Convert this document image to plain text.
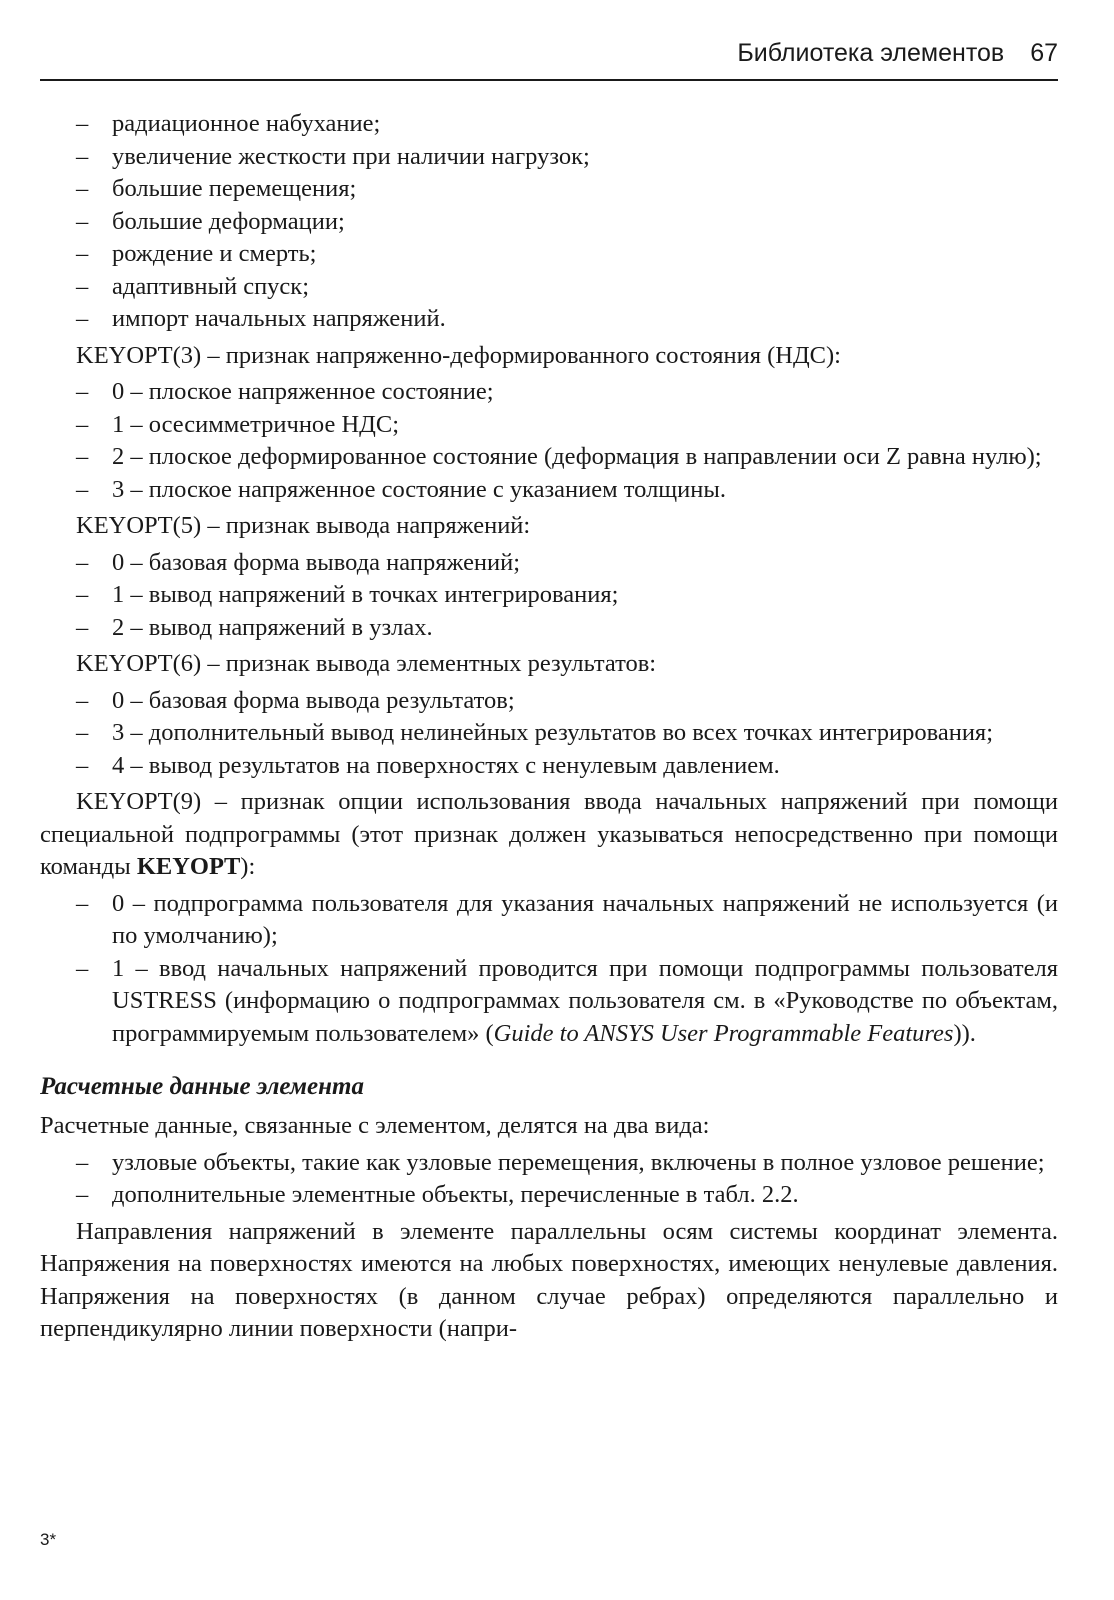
Библиотека элементов 67
– радиационное набухание;
– увеличение жесткости при наличии нагрузок;
– большие перемещения;
– большие деформации;
– рождение и смерть;
– адаптивный спуск;
– импорт начальных напряжений.

KEYOPT(3) – признак напряженно-деформированного состояния (НДС):

– 0 – плоское напряженное состояние;
– 1 – осесимметричное НДС;
– 2 – плоское деформированное состояние (деформация в направлении оси Z равна нулю);
– 3 – плоское напряженное состояние с указанием толщины.

KEYOPT(5) – признак вывода напряжений:

– 0 – базовая форма вывода напряжений;
– 1 – вывод напряжений в точках интегрирования;
– 2 – вывод напряжений в узлах.

KEYOPT(6) – признак вывода элементных результатов:

– 0 – базовая форма вывода результатов;
– 3 – дополнительный вывод нелинейных результатов во всех точках интегрирования;
– 4 – вывод результатов на поверхностях с ненулевым давлением.

KEYOPT(9) – признак опции использования ввода начальных напряжений при помощи специальной подпрограммы (этот признак должен указываться непосредственно при помощи команды KEYOPT):

– 0 – подпрограмма пользователя для указания начальных напряжений не используется (и по умолчанию);
– 1 – ввод начальных напряжений проводится при помощи подпрограммы пользователя USTRESS (информацию о подпрограммах пользователя см. в «Руководстве по объектам, программируемым пользователем» (Guide to ANSYS User Programmable Features)).
Расчетные данные элемента

Расчетные данные, связанные с элементом, делятся на два вида:

– узловые объекты, такие как узловые перемещения, включены в полное узловое решение;
– дополнительные элементные объекты, перечисленные в табл. 2.2.

Направления напряжений в элементе параллельны осям системы координат элемента. Напряжения на поверхностях имеются на любых поверхностях, имеющих ненулевые давления. Напряжения на поверхностях (в данном случае ребрах) определяются параллельно и перпендикулярно линии поверхности (напри-

3*
